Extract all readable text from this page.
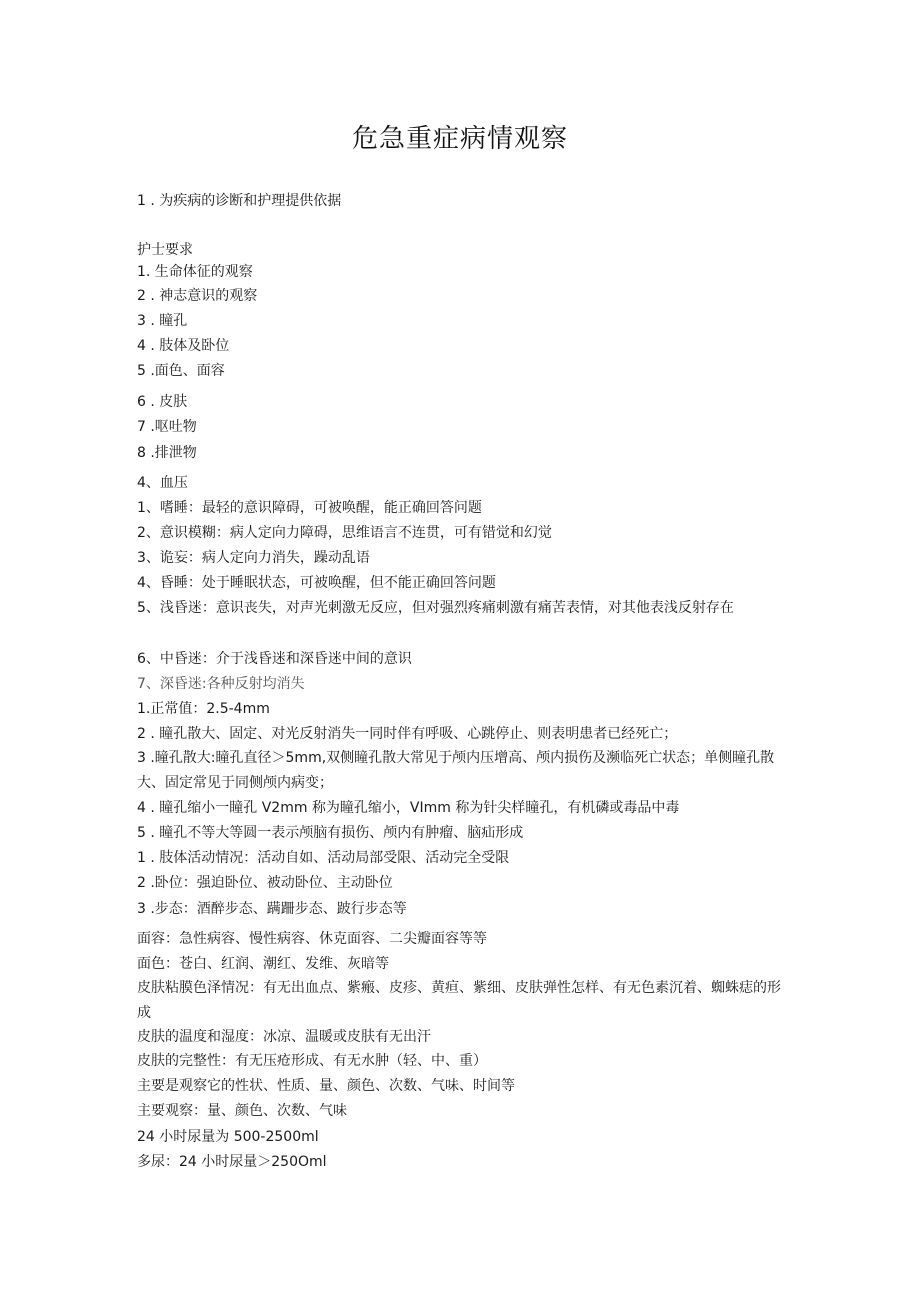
危急重症病情观察
1 . 为疾病的诊断和护理提供依据
护士要求
1. 生命体征的观察
2 . 神志意识的观察
3 . 瞳孔
4 . 肢体及卧位
5 .面色、面容
6 . 皮肤
7 .呕吐物
8 .排泄物
4、血压
1、嗜睡：最轻的意识障碍，可被唤醒，能正确回答问题
2、意识模糊：病人定向力障碍，思维语言不连贯，可有错觉和幻觉
3、诡妄：病人定向力消失，躁动乱语
4、昏睡：处于睡眠状态，可被唤醒，但不能正确回答问题
5、浅昏迷：意识丧失，对声光刺激无反应，但对强烈疼痛刺激有痛苦表情，对其他表浅反射存在
6、中昏迷：介于浅昏迷和深昏迷中间的意识
7、深昏迷:各种反射均消失
1.正常值：2.5-4mm
2 . 瞳孔散大、固定、对光反射消失一同时伴有呼吸、心跳停止、则表明患者已经死亡；
3 .瞳孔散大:瞳孔直径＞5mm,双侧瞳孔散大常见于颅内压增高、颅内损伤及濒临死亡状态；单侧瞳孔散大、固定常见于同侧颅内病变；
4 . 瞳孔缩小一瞳孔 V2mm 称为瞳孔缩小，VImm 称为针尖样瞳孔，有机磷或毒品中毒
5 . 瞳孔不等大等圆一表示颅脑有损伤、颅内有肿瘤、脑疝形成
1 . 肢体活动情况：活动自如、活动局部受限、活动完全受限
2 .卧位：强迫卧位、被动卧位、主动卧位
3 .步态：酒醉步态、蹒跚步态、跛行步态等
面容：急性病容、慢性病容、休克面容、二尖瓣面容等等
面色：苍白、红润、潮红、发维、灰暗等
皮肤粘膜色泽情况：有无出血点、紫瘢、皮疹、黄疸、紫细、皮肤弹性怎样、有无色素沉着、蜘蛛痣的形成
皮肤的温度和湿度：冰凉、温暖或皮肤有无出汗
皮肤的完整性：有无压疮形成、有无水肿（轻、中、重）
主要是观察它的性状、性质、量、颜色、次数、气味、时间等
主要观察：量、颜色、次数、气味
24 小时尿量为 500-2500ml
多尿：24 小时尿量＞250Oml
